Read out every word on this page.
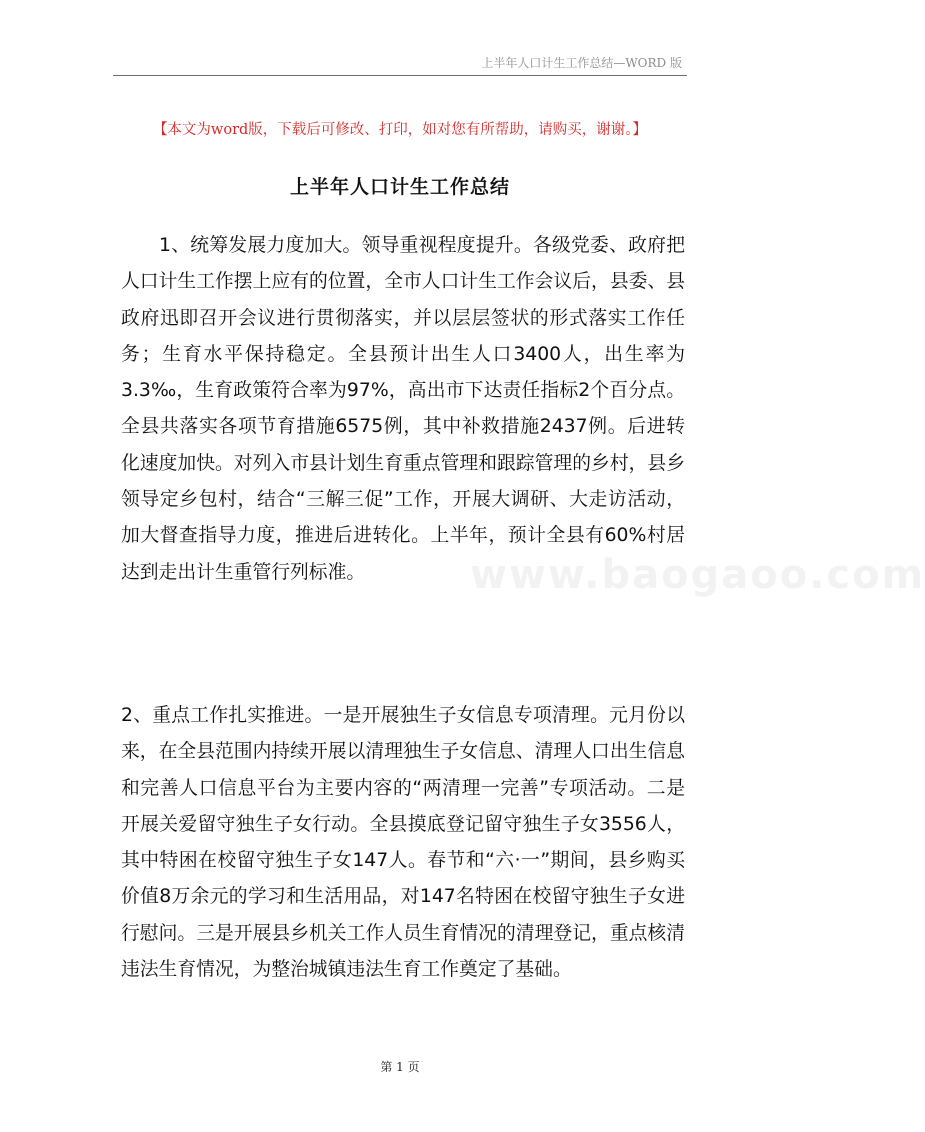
上半年人口计生工作总结—WORD 版
【本文为word版，下载后可修改、打印，如对您有所帮助，请购买，谢谢。】
上半年人口计生工作总结

1、统筹发展力度加大。领导重视程度提升。各级党委、政府把人口计生工作摆上应有的位置，全市人口计生工作会议后，县委、县政府迅即召开会议进行贯彻落实，并以层层签状的形式落实工作任务；生育水平保持稳定。全县预计出生人口3400人，出生率为3.3‰，生育政策符合率为97%，高出市下达责任指标2个百分点。全县共落实各项节育措施6575例，其中补救措施2437例。后进转化速度加快。对列入市县计划生育重点管理和跟踪管理的乡村，县乡领导定乡包村，结合“三解三促”工作，开展大调研、大走访活动，加大督查指导力度，推进后进转化。上半年，预计全县有60%村居达到走出计生重管行列标准。	www.baogaoo.com

2、重点工作扎实推进。一是开展独生子女信息专项清理。元月份以来，在全县范围内持续开展以清理独生子女信息、清理人口出生信息和完善人口信息平台为主要内容的“两清理一完善”专项活动。二是开展关爱留守独生子女行动。全县摸底登记留守独生子女3556人，其中特困在校留守独生子女147人。春节和“六·一”期间，县乡购买价值8万余元的学习和生活用品，对147名特困在校留守独生子女进行慰问。三是开展县乡机关工作人员生育情况的清理登记，重点核清违法生育情况，为整治城镇违法生育工作奠定了基础。

第 1 页
